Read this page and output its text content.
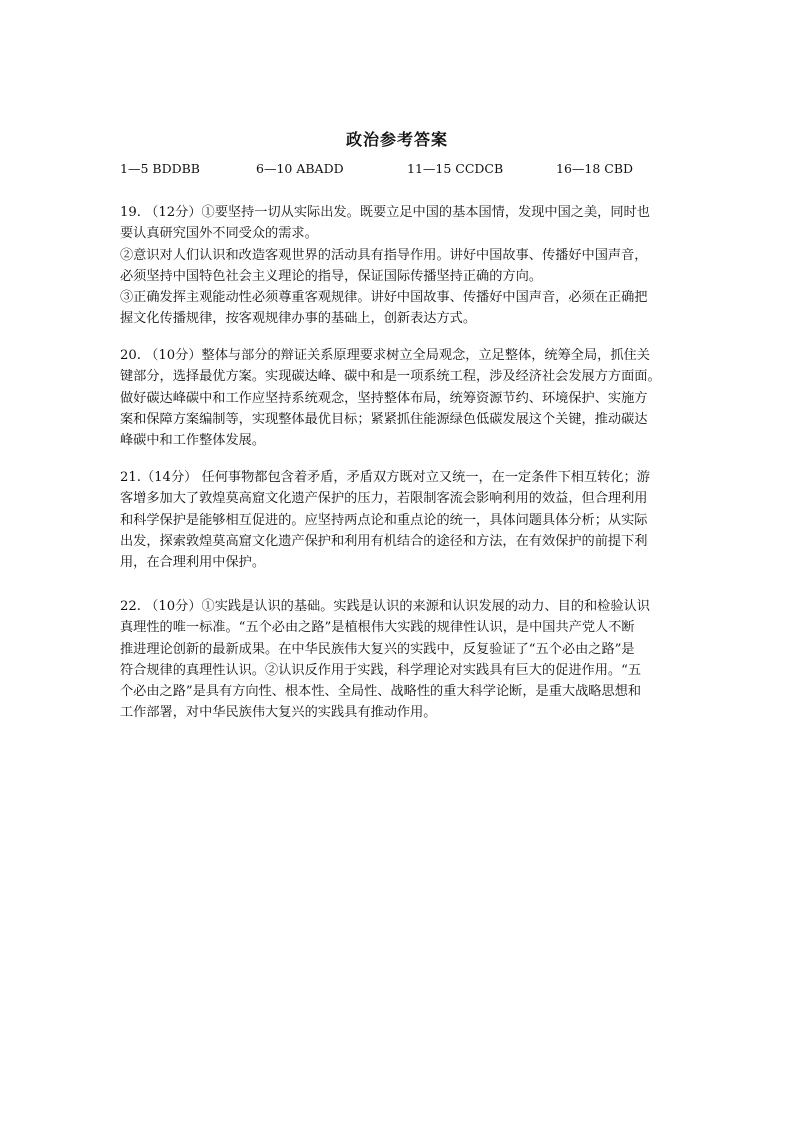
政治参考答案
1—5 BDDBB	6—10 ABADD	11—15 CCDCB	16—18 CBD
19. （12分）①要坚持一切从实际出发。既要立足中国的基本国情，发现中国之美，同时也
要认真研究国外不同受众的需求。
②意识对人们认识和改造客观世界的活动具有指导作用。讲好中国故事、传播好中国声音，
必须坚持中国特色社会主义理论的指导，保证国际传播坚持正确的方向。
③正确发挥主观能动性必须尊重客观规律。讲好中国故事、传播好中国声音，必须在正确把
握文化传播规律，按客观规律办事的基础上，创新表达方式。
20. （10分）整体与部分的辩证关系原理要求树立全局观念，立足整体，统筹全局，抓住关
键部分，选择最优方案。实现碳达峰、碳中和是一项系统工程，涉及经济社会发展方方面面。
做好碳达峰碳中和工作应坚持系统观念，坚持整体布局，统筹资源节约、环境保护、实施方
案和保障方案编制等，实现整体最优目标；紧紧抓住能源绿色低碳发展这个关键，推动碳达
峰碳中和工作整体发展。
21.（14分） 任何事物都包含着矛盾，矛盾双方既对立又统一，在一定条件下相互转化；游
客增多加大了敦煌莫高窟文化遗产保护的压力，若限制客流会影响利用的效益，但合理利用
和科学保护是能够相互促进的。应坚持两点论和重点论的统一，具体问题具体分析；从实际
出发，探索敦煌莫高窟文化遗产保护和利用有机结合的途径和方法，在有效保护的前提下利
用，在合理利用中保护。
22. （10分）①实践是认识的基础。实践是认识的来源和认识发展的动力、目的和检验认识
真理性的唯一标准。“五个必由之路”是植根伟大实践的规律性认识，是中国共产党人不断
推进理论创新的最新成果。在中华民族伟大复兴的实践中，反复验证了“五个必由之路”是
符合规律的真理性认识。②认识反作用于实践，科学理论对实践具有巨大的促进作用。“五
个必由之路”是具有方向性、根本性、全局性、战略性的重大科学论断，是重大战略思想和
工作部署，对中华民族伟大复兴的实践具有推动作用。
